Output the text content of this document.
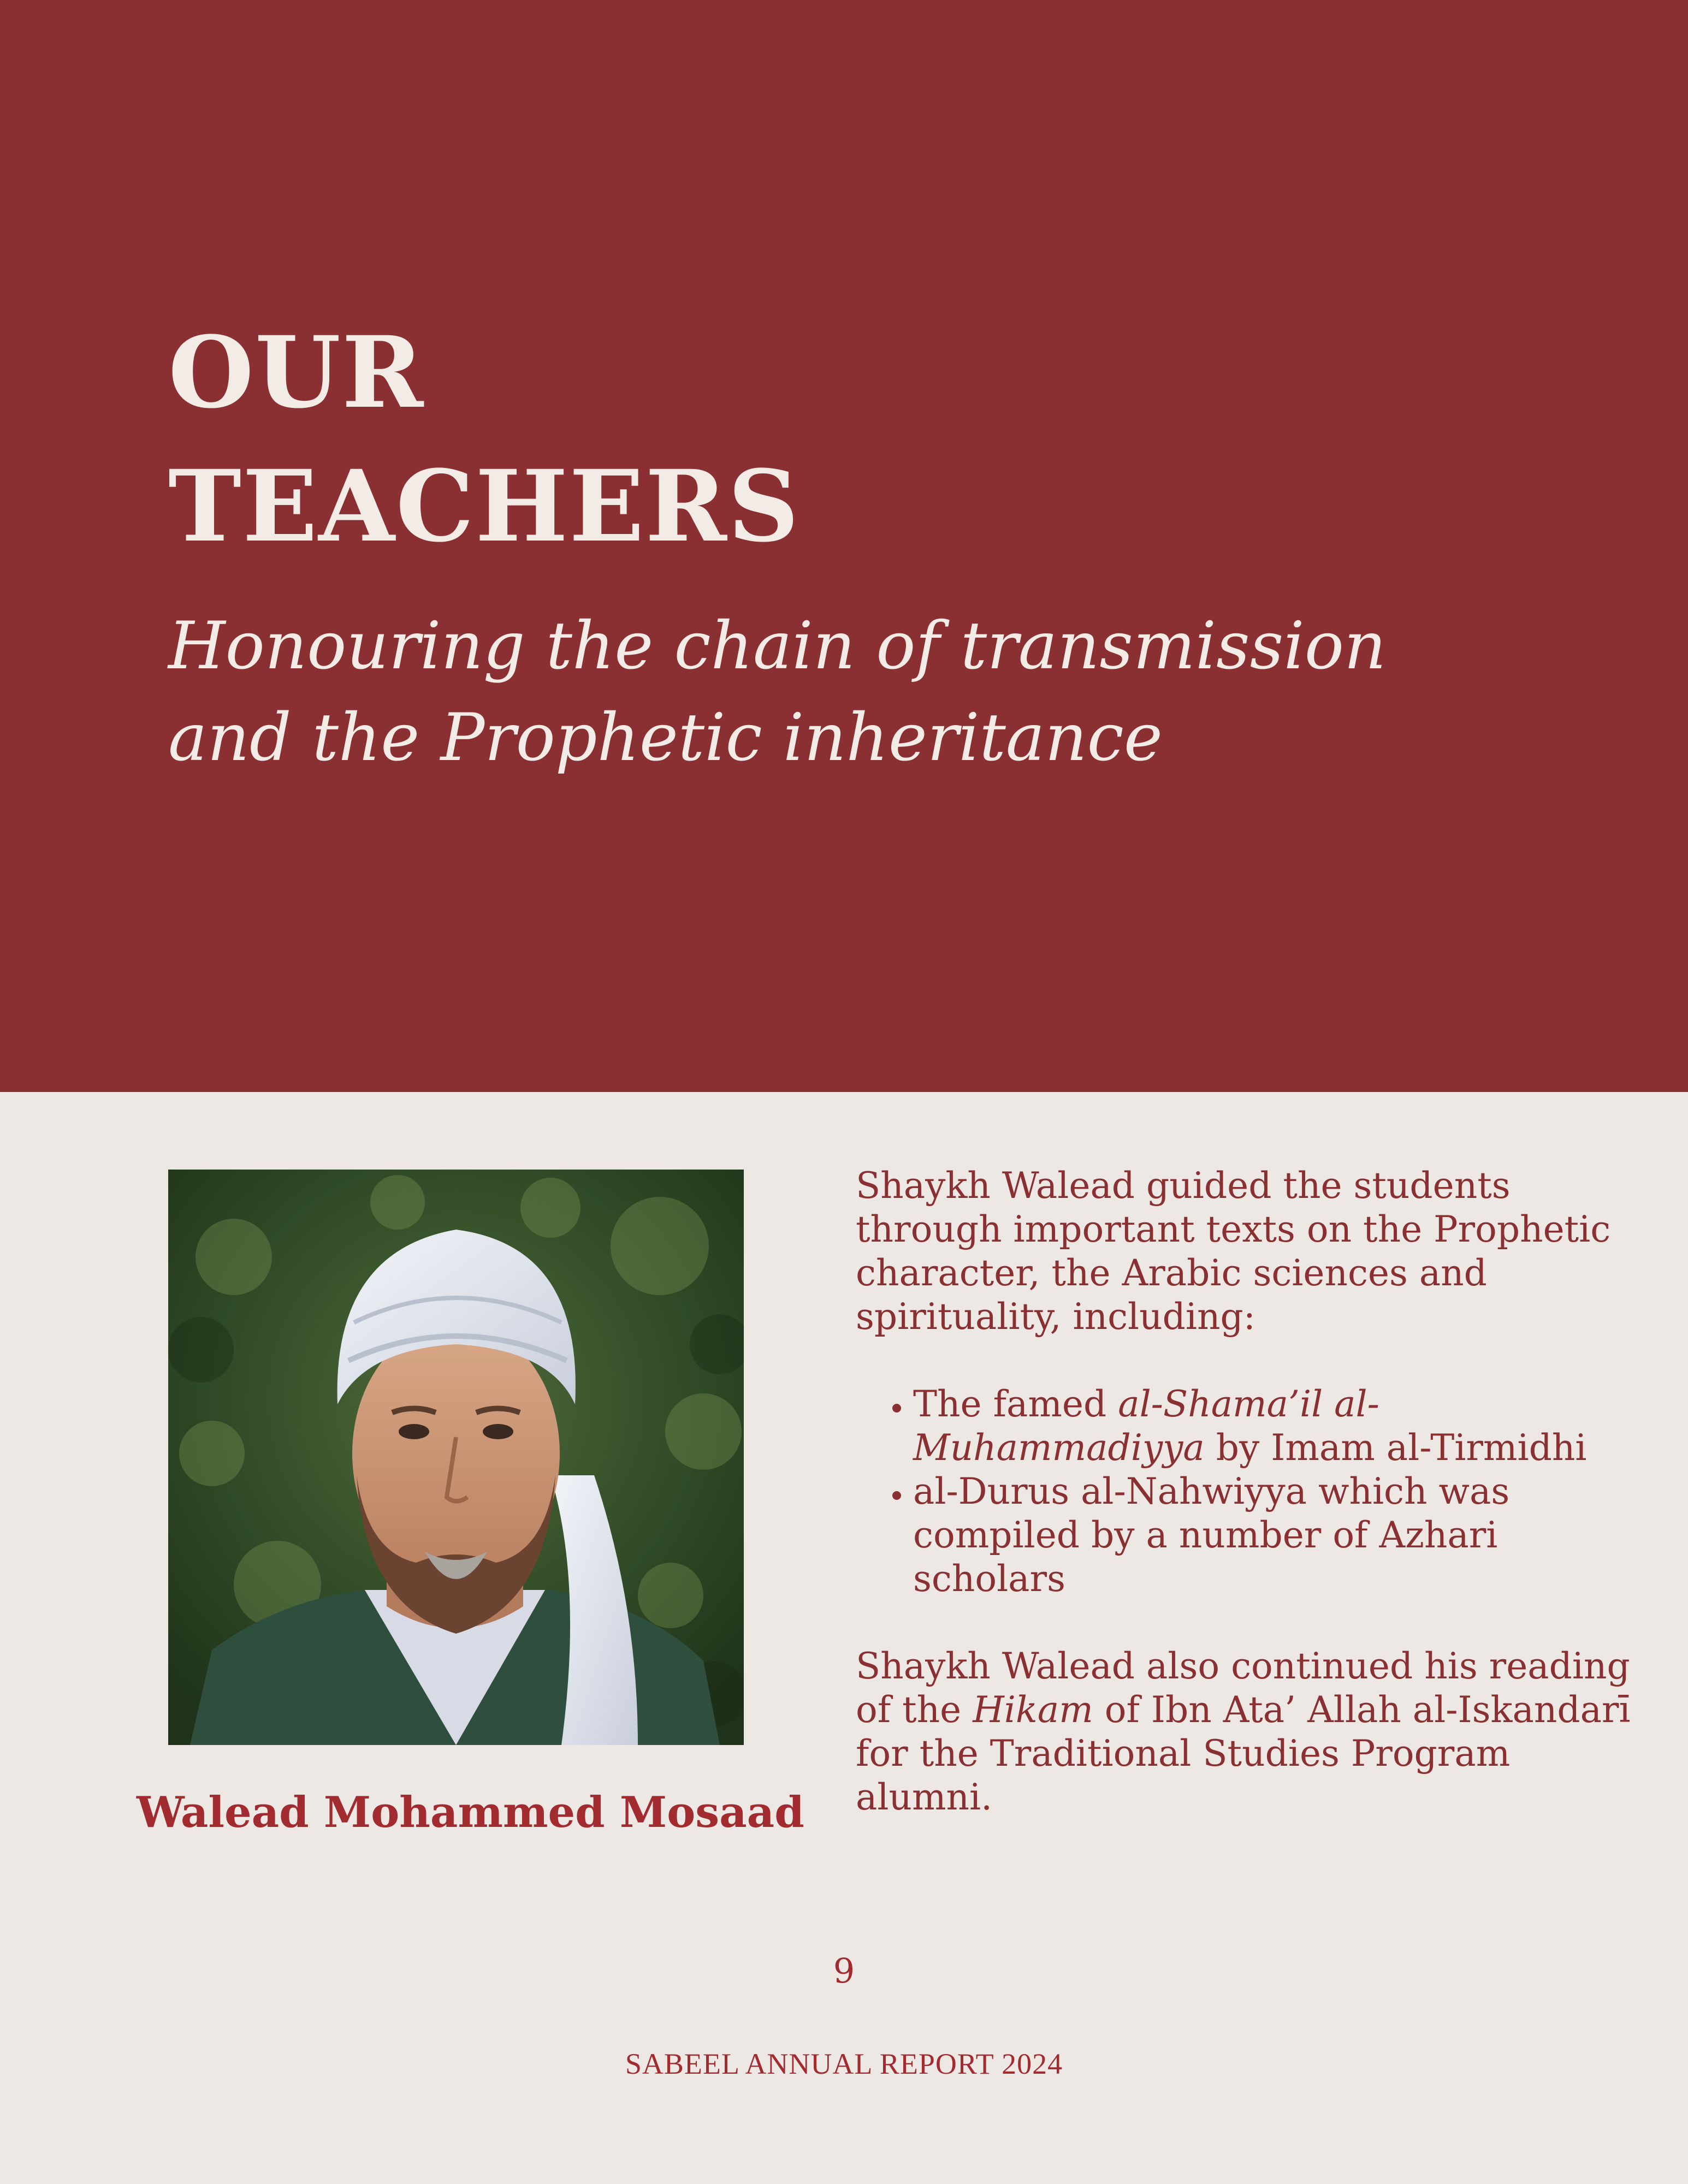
OUR
TEACHERS

Honouring the chain of transmission
and the Prophetic inheritance

Walead Mohammed Mosaad

Shaykh Walead guided the students through important texts on the Prophetic character, the Arabic sciences and spirituality, including:

• The famed al-Shama’il al-Muhammadiyya by Imam al-Tirmidhi
• al-Durus al-Nahwiyya which was compiled by a number of Azhari scholars

Shaykh Walead also continued his reading of the Hikam of Ibn Ata’ Allah al-Iskandarī for the Traditional Studies Program alumni.

9
SABEEL ANNUAL REPORT 2024
